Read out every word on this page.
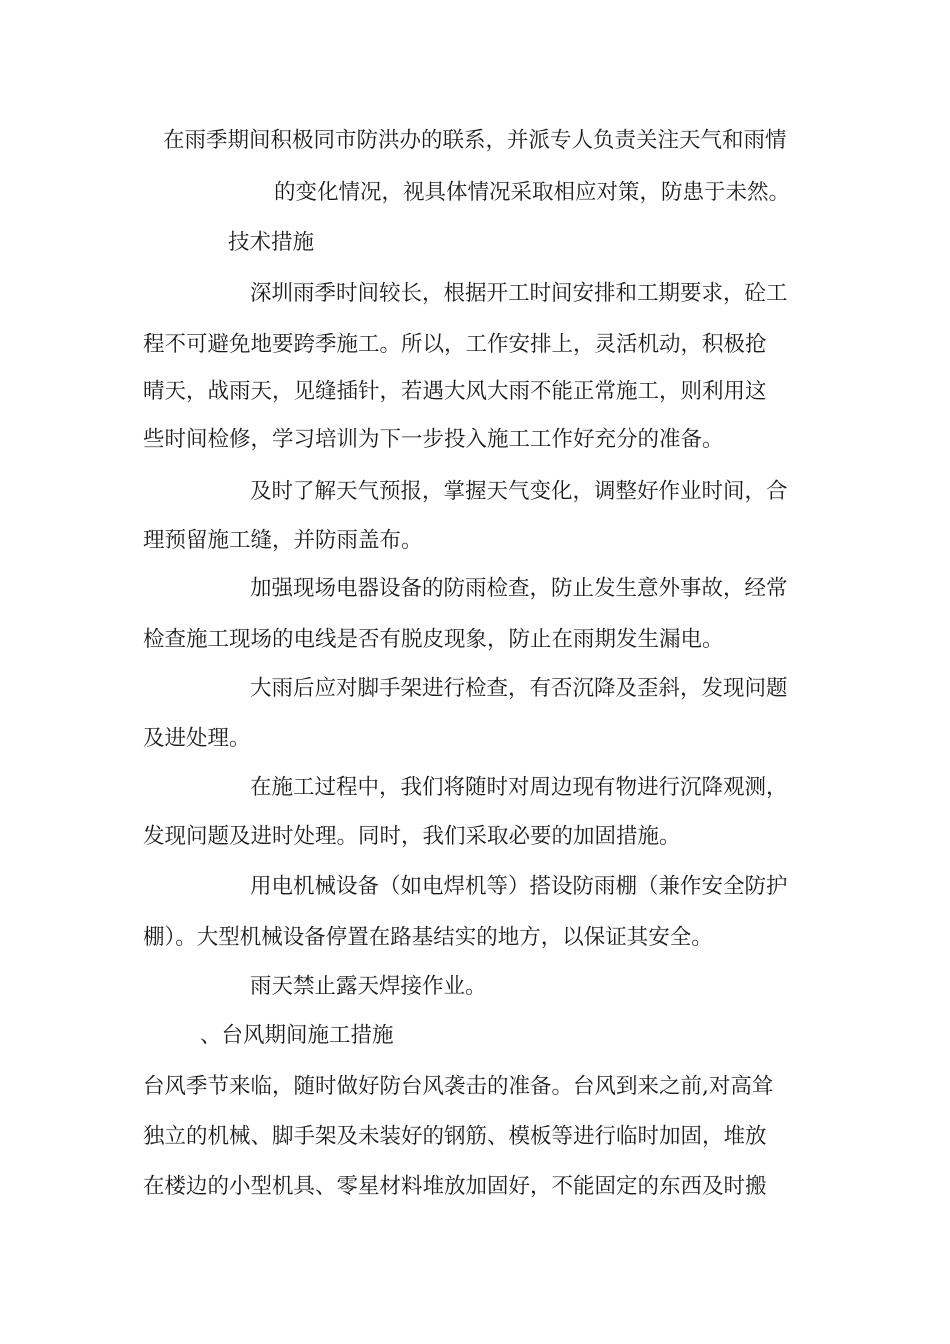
在雨季期间积极同市防洪办的联系，并派专人负责关注天气和雨情

的变化情况，视具体情况采取相应对策，防患于未然。

技术措施

深圳雨季时间较长，根据开工时间安排和工期要求，砼工

程不可避免地要跨季施工。所以，工作安排上，灵活机动，积极抢

晴天，战雨天，见缝插针，若遇大风大雨不能正常施工，则利用这

些时间检修，学习培训为下一步投入施工工作好充分的准备。

及时了解天气预报，掌握天气变化，调整好作业时间，合

理预留施工缝，并防雨盖布。

加强现场电器设备的防雨检查，防止发生意外事故，经常

检查施工现场的电线是否有脱皮现象，防止在雨期发生漏电。

大雨后应对脚手架进行检查，有否沉降及歪斜，发现问题

及进处理。

在施工过程中，我们将随时对周边现有物进行沉降观测，

发现问题及进时处理。同时，我们采取必要的加固措施。

用电机械设备（如电焊机等）搭设防雨棚（兼作安全防护

棚）。大型机械设备停置在路基结实的地方，以保证其安全。

雨天禁止露天焊接作业。

、台风期间施工措施

台风季节来临，随时做好防台风袭击的准备。台风到来之前,对高耸

独立的机械、脚手架及未装好的钢筋、模板等进行临时加固，堆放

在楼边的小型机具、零星材料堆放加固好，不能固定的东西及时搬
